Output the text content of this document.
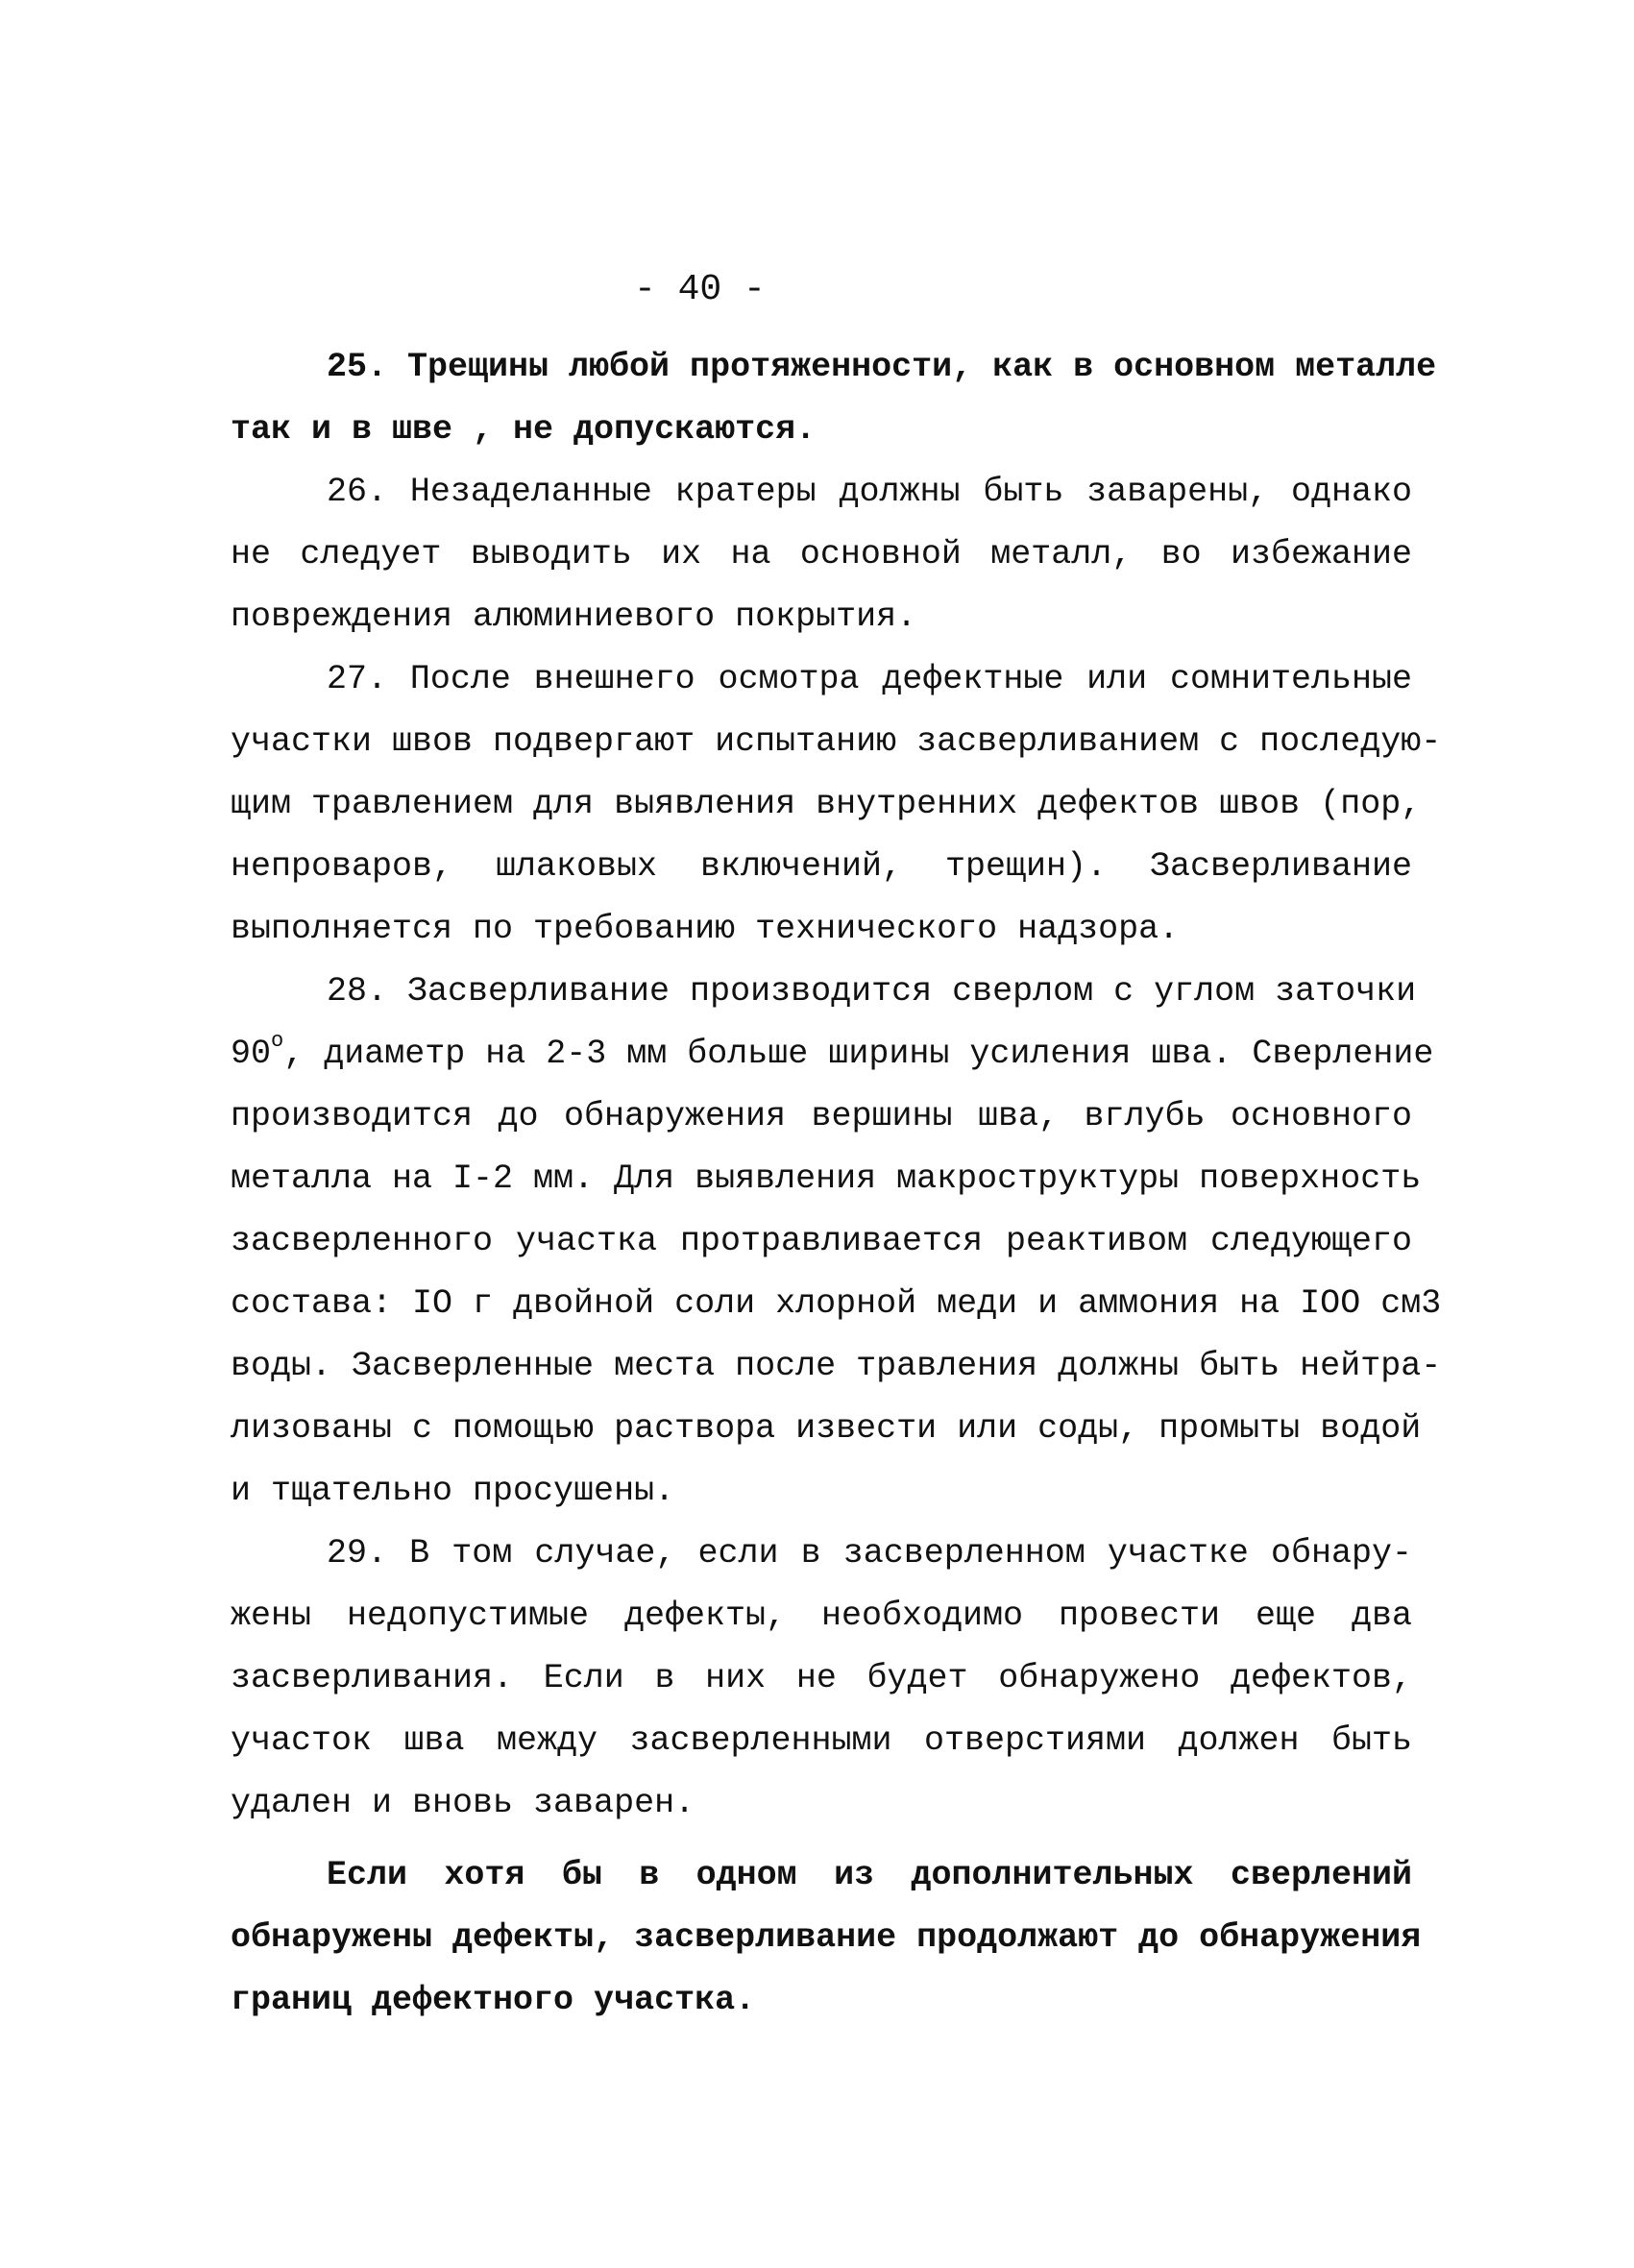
- 40 -
25. Трещины любой протяженности, как в основном металле
так и в шве , не допускаются.
26. Незаделанные кратеры должны быть заварены, однако
не следует выводить их на основной металл, во избежание
повреждения алюминиевого покрытия.
27. После внешнего осмотра дефектные или сомнительные
участки швов подвергают испытанию засверливанием с последую-
щим травлением для выявления внутренних дефектов швов (пор,
непроваров, шлаковых включений, трещин). Засверливание
выполняется по требованию технического надзора.
28. Засверливание производится сверлом с углом заточки
$90^о$, диаметр на 2-3 мм больше ширины усиления шва. Сверление
производится до обнаружения вершины шва, вглубь основного
металла на I-2 мм. Для выявления макроструктуры поверхность
засверленного участка протравливается реактивом следующего
состава: IO г двойной соли хлорной меди и аммония на IOO см3
воды. Засверленные места после травления должны быть нейтра-
лизованы с помощью раствора извести или соды, промыты водой
и тщательно просушены.
29. В том случае, если в засверленном участке обнару-
жены недопустимые дефекты, необходимо провести еще два
засверливания. Если в них не будет обнаружено дефектов,
участок шва между засверленными отверстиями должен быть
удален и вновь заварен.
Если хотя бы в одном из дополнительных сверлений
обнаружены дефекты, засверливание продолжают до обнаружения
границ дефектного участка.
